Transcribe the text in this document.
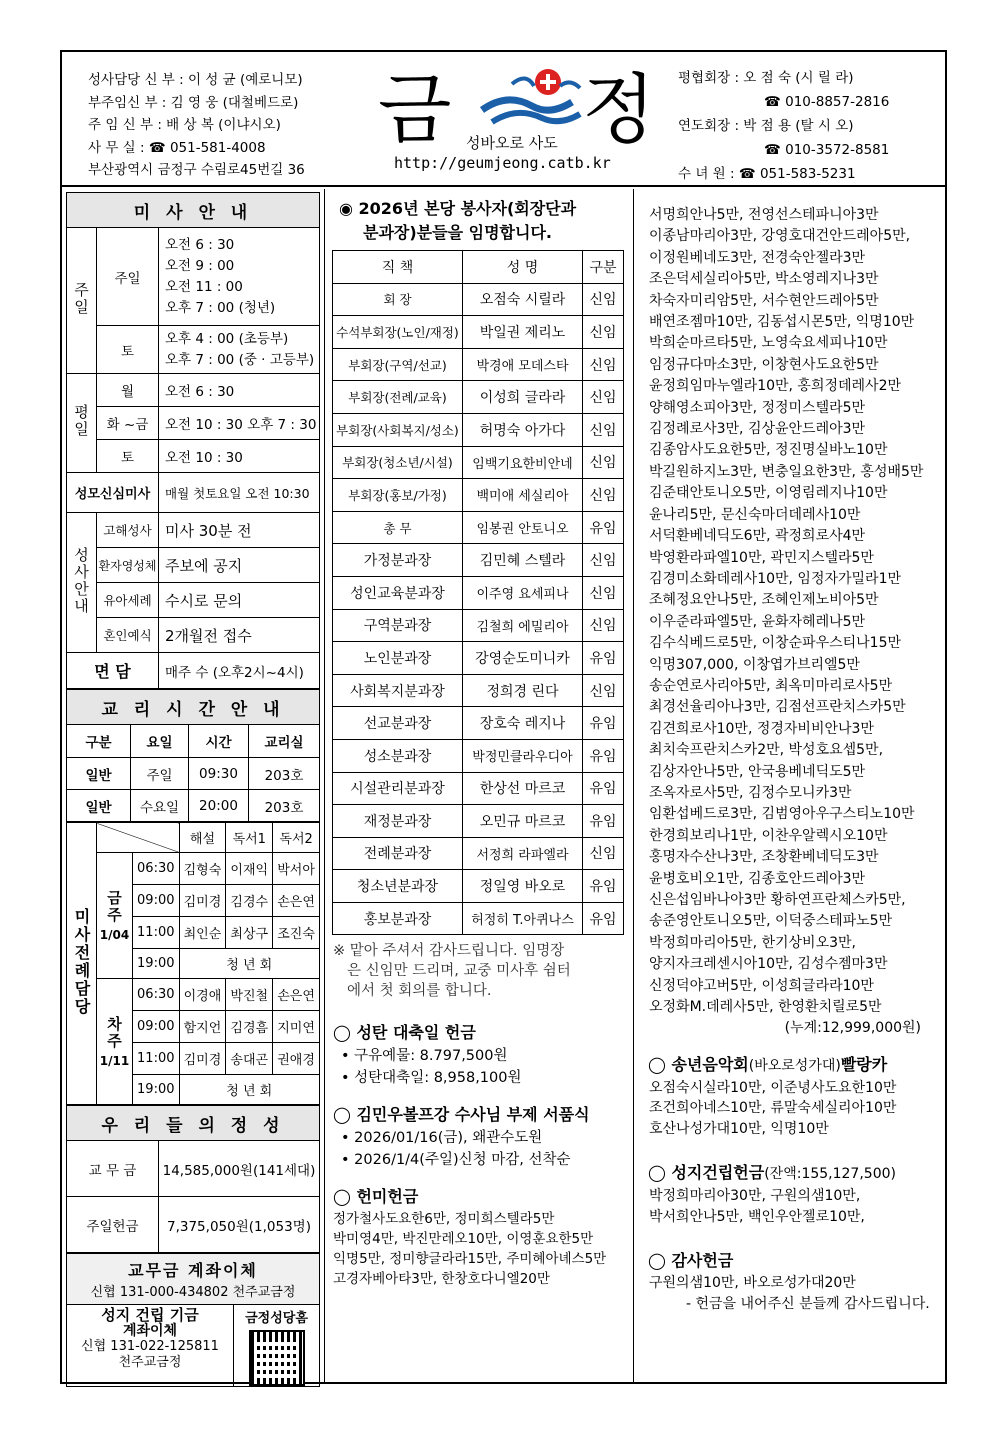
성사담당 신 부 : 이 성 균 (예로니모)
부주임신 부 : 김 영 웅 (대철베드로)
주 임 신 부 : 배 상 복 (이냐시오)
사 무 실 : ☎ 051-581-4008
부산광역시 금정구 수림로45번길 36
금 정
성바오로 사도
http://geumjeong.catb.kr
평협회장 : 오 점 숙 (시 릴 라)
☎ 010-8857-2816
연도회장 : 박 점 용 (탈 시 오)
☎ 010-3572-8581
수 녀 원 : ☎ 051-583-5231
미 사 안 내		
주일	주일	오전 6 : 30
오전 9 : 00
오전 11 : 00
오후 7 : 00 (청년)

	토	오후 4 : 00 (초등부)
오후 7 : 00 (중 · 고등부)

평일	월	오전 6 : 30
	화 ~금	오전 10 : 30 오후 7 : 30
	토	오전 10 : 30
성모신심미사		매월 첫토요일 오전 10:30
성사안내	고해성사	미사 30분 전
	환자영성체	주보에 공지
	유아세례	수시로 문의
	혼인예식	2개월전 접수
면 담		매주 수 (오후2시~4시)
교 리 시 간 안 내			
구분	요일	시간	교리실
일반	주일	09:30	203호
일반	수요일	20:00	203호
미사전례담당			해설	독서1	독서2
	금주
1/04	06:30	김형숙	이재익	박서아
		09:00	김미경	김경수	손은연
		11:00	최인순	최상구	조진숙
		19:00	청 년 회		
	차주
1/11	06:30	이경애	박진철	손은연
		09:00	함지언	김경흠	지미연
		11:00	김미경	송대곤	권애경
		19:00	청 년 회		
우 리 들 의 정 성	
교 무 금	14,585,000원(141세대)
주일헌금	7,375,050원(1,053명)
교무금 계좌이체
신협 131-000-434802 천주교금정
성지 건립 기금
계좌이체
신협 131-022-125811
천주교금정
금정성당홈
◉ 2026년 본당 봉사자(회장단과
분과장)분들을 임명합니다.
직 책	성 명	구분
회 장	오점숙 시릴라	신임
수석부회장(노인/재정)	박일권 제리노	신임
부회장(구역/선교)	박경애 모데스타	신임
부회장(전례/교육)	이성희 글라라	신임
부회장(사회복지/성소)	허명숙 아가다	신임
부회장(청소년/시설)	임백기요한비안네	신임
부회장(홍보/가정)	백미애 세실리아	신임
총 무	임봉권 안토니오	유임
가정분과장	김민혜 스텔라	신임
성인교육분과장	이주영 요세피나	신임
구역분과장	김철희 에밀리아	신임
노인분과장	강영순도미니카	유임
사회복지분과장	정희경 린다	신임
선교분과장	장호숙 레지나	유임
성소분과장	박정민클라우디아	유임
시설관리분과장	한상선 마르코	유임
재정분과장	오민규 마르코	유임
전례분과장	서정희 라파엘라	신임
청소년분과장	정일영 바오로	유임
홍보분과장	허정히 T.아퀴나스	유임
※ 맡아 주셔서 감사드립니다. 임명장
은 신임만 드리며, 교중 미사후 쉼터
에서 첫 회의를 합니다.
◯ 성탄 대축일 헌금
• 구유예물: 8.797,500원
• 성탄대축일: 8,958,100원
◯ 김민우볼프강 수사님 부제 서품식
• 2026/01/16(금), 왜관수도원
• 2026/1/4(주일)신청 마감, 선착순
◯ 헌미헌금
정가철사도요한6만, 정미희스텔라5만
박미영4만, 박진만레오10만, 이영훈요한5만
익명5만, 정미향글라라15만, 주미혜아녜스5만
고경자베아타3만, 한창호다니엘20만
서명희안나5만, 전영선스테파니아3만
이종남마리아3만, 강영호대건안드레아5만,
이정원베네도3만, 전경숙안젤라3만
조은덕세실리아5만, 박소영레지나3만
차숙자미리암5만, 서수현안드레아5만
배연조젬마10만, 김동섭시몬5만, 익명10만
박희순마르타5만, 노영숙요세피나10만
임정규다마소3만, 이창현사도요한5만
윤정희임마누엘라10만, 홍희정데레사2만
양해영소피아3만, 정정미스텔라5만
김정례로사3만, 김상윤안드레아3만
김종암사도요한5만, 정진명실바노10만
박길원하지노3만, 변충일요한3만, 홍성배5만
김준태안토니오5만, 이영림레지나10만
윤나리5만, 문신숙마더데레사10만
서덕환베네딕도6만, 곽정희로사4만
박영환라파엘10만, 곽민지스텔라5만
김경미소화데레사10만, 임정자가밀라1만
조혜정요안나5만, 조혜인제노비아5만
이우준라파엘5만, 윤화자헤레나5만
김수식베드로5만, 이창순파우스티나15만
익명307,000, 이창엽가브리엘5만
송순연로사리아5만, 최옥미마리로사5만
최경선율리아나3만, 김점선프란치스카5만
김견희로사10만, 정경자비비안나3만
최치숙프란치스카2만, 박성호요셉5만,
김상자안나5만, 안국용베네딕도5만
조옥자로사5만, 김정수모니카3만
임환섭베드로3만, 김범영아우구스티노10만
한경희보리나1만, 이찬우알렉시오10만
홍명자수산나3만, 조창환베네딕도3만
윤병호비오1만, 김종호안드레아3만
신은섭임바나아3만 황하연프란체스카5만,
송준영안토니오5만, 이덕중스테파노5만
박정희마리아5만, 한기상비오3만,
양지자크레센시아10만, 김성수젬마3만
신정덕야고버5만, 이성희글라라10만
오정화M.데레사5만, 한영환치릴로5만
(누계:12,999,000원)
◯ 송년음악회(바오로성가대)빨랑카
오점숙시실라10만, 이준녕사도요한10만
조건희아네스10만, 류말숙세실리아10만
호산나성가대10만, 익명10만
◯ 성지건립헌금(잔액:155,127,500)
박정희마리아30만, 구원의샘10만,
박서희안나5만, 백인우안젤로10만,
◯ 감사헌금
구원의샘10만, 바오로성가대20만
- 헌금을 내어주신 분들께 감사드립니다.
